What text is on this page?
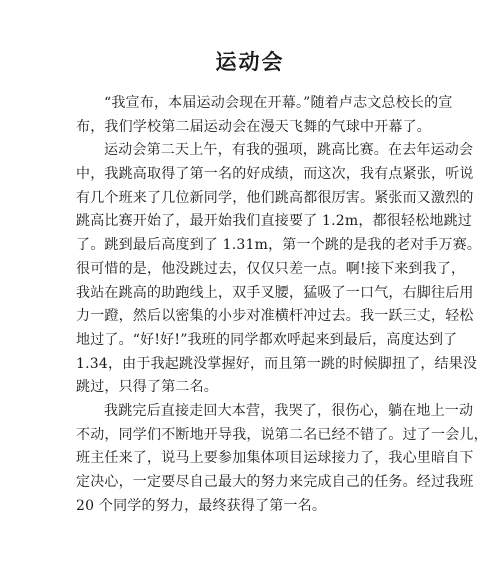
运动会
“我宣布，本届运动会现在开幕。”随着卢志文总校长的宣
布，我们学校第二届运动会在漫天飞舞的气球中开幕了。
运动会第二天上午，有我的强项，跳高比赛。在去年运动会
中，我跳高取得了第一名的好成绩，而这次，我有点紧张，听说
有几个班来了几位新同学，他们跳高都很厉害。紧张而又激烈的
跳高比赛开始了，最开始我们直接要了 1.2m，都很轻松地跳过
了。跳到最后高度到了 1.31m，第一个跳的是我的老对手万赛。
很可惜的是，他没跳过去，仅仅只差一点。啊!接下来到我了，
我站在跳高的助跑线上，双手叉腰，猛吸了一口气，右脚往后用
力一蹬，然后以密集的小步对准横杆冲过去。我一跃三丈，轻松
地过了。“好!好!”我班的同学都欢呼起来到最后，高度达到了
1.34，由于我起跳没掌握好，而且第一跳的时候脚扭了，结果没
跳过，只得了第二名。
我跳完后直接走回大本营，我哭了，很伤心，躺在地上一动
不动，同学们不断地开导我，说第二名已经不错了。过了一会儿，
班主任来了，说马上要参加集体项目运球接力了，我心里暗自下
定决心，一定要尽自己最大的努力来完成自己的任务。经过我班
20 个同学的努力，最终获得了第一名。
